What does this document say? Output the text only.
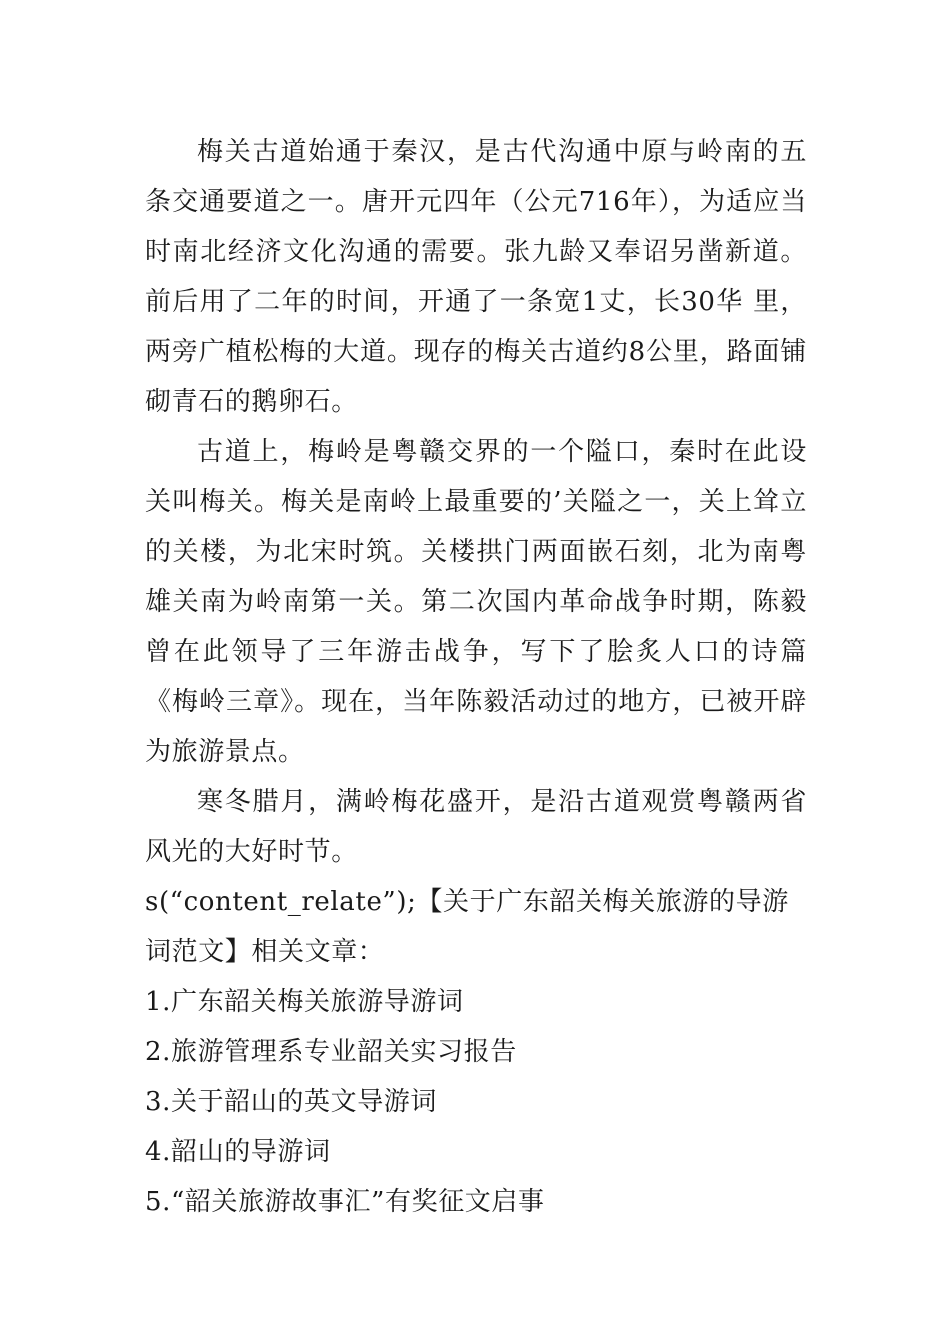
梅关古道始通于秦汉，是古代沟通中原与岭南的五条交通要道之一。唐开元四年（公元716年），为适应当时南北经济文化沟通的需要。张九龄又奉诏另凿新道。前后用了二年的时间，开通了一条宽1丈，长30华 里，两旁广植松梅的大道。现存的梅关古道约8公里，路面铺砌青石的鹅卵石。

古道上，梅岭是粤赣交界的一个隘口，秦时在此设关叫梅关。梅关是南岭上最重要的’关隘之一，关上耸立的关楼，为北宋时筑。关楼拱门两面嵌石刻，北为南粤雄关南为岭南第一关。第二次国内革命战争时期，陈毅曾在此领导了三年游击战争，写下了脍炙人口的诗篇《梅岭三章》。现在，当年陈毅活动过的地方，已被开辟为旅游景点。

寒冬腊月，满岭梅花盛开，是沿古道观赏粤赣两省风光的大好时节。

s(“content_relate”);【关于广东韶关梅关旅游的导游词范文】相关文章：

1.广东韶关梅关旅游导游词
2.旅游管理系专业韶关实习报告
3.关于韶山的英文导游词
4.韶山的导游词
5.“韶关旅游故事汇”有奖征文启事
